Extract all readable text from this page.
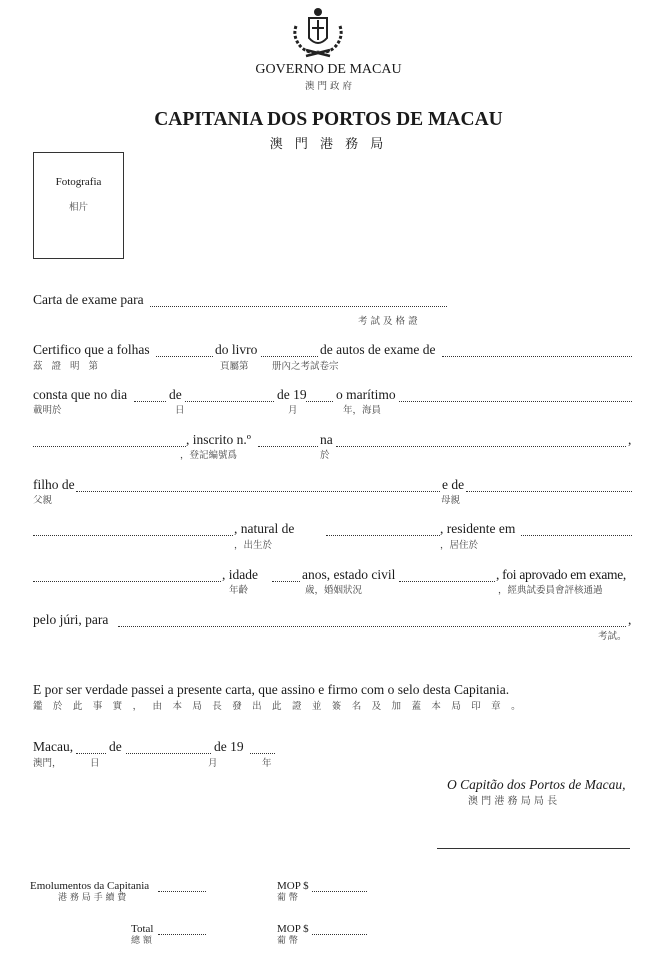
GOVERNO DE MACAU
澳 門 政 府
CAPITANIA DOS PORTOS DE MACAU
澳 門 港 務 局
Fotografia
相片
Carta de exame para
考 試 及 格 證
Certifico que a folhas	do livro	de autos de exame de
茲 證 明 第	頁屬第 册內之考試卷宗
consta que no dia	de	de 19 o marítimo
載明於	日	月	年，海員
, inscrito n.º	na	,
，登記編號爲	於
filho de	e de
父親	母親
, natural de	, residente em
，出生於	，居住於
, idade	anos, estado civil	, foi aprovado em exame,
年齡	歲，婚姻狀況	，經典試委員會評核通過
pelo júri, para	,
考試。
E por ser verdade passei a presente carta, que assino e firmo com o selo desta Capitania.
鑑 於 此 事 實 ， 由 本 局 長 發 出 此 證 並 簽 名 及 加 蓋 本 局 印 章 。
Macau,	de	de 19
澳門，	日	月	年
O Capitão dos Portos de Macau,
澳 門 港 務 局 局 長
Emolumentos da Capitania
港 務 局 手 續 費
MOP $
葡 幣
Total
總 額
MOP $
葡 幣
